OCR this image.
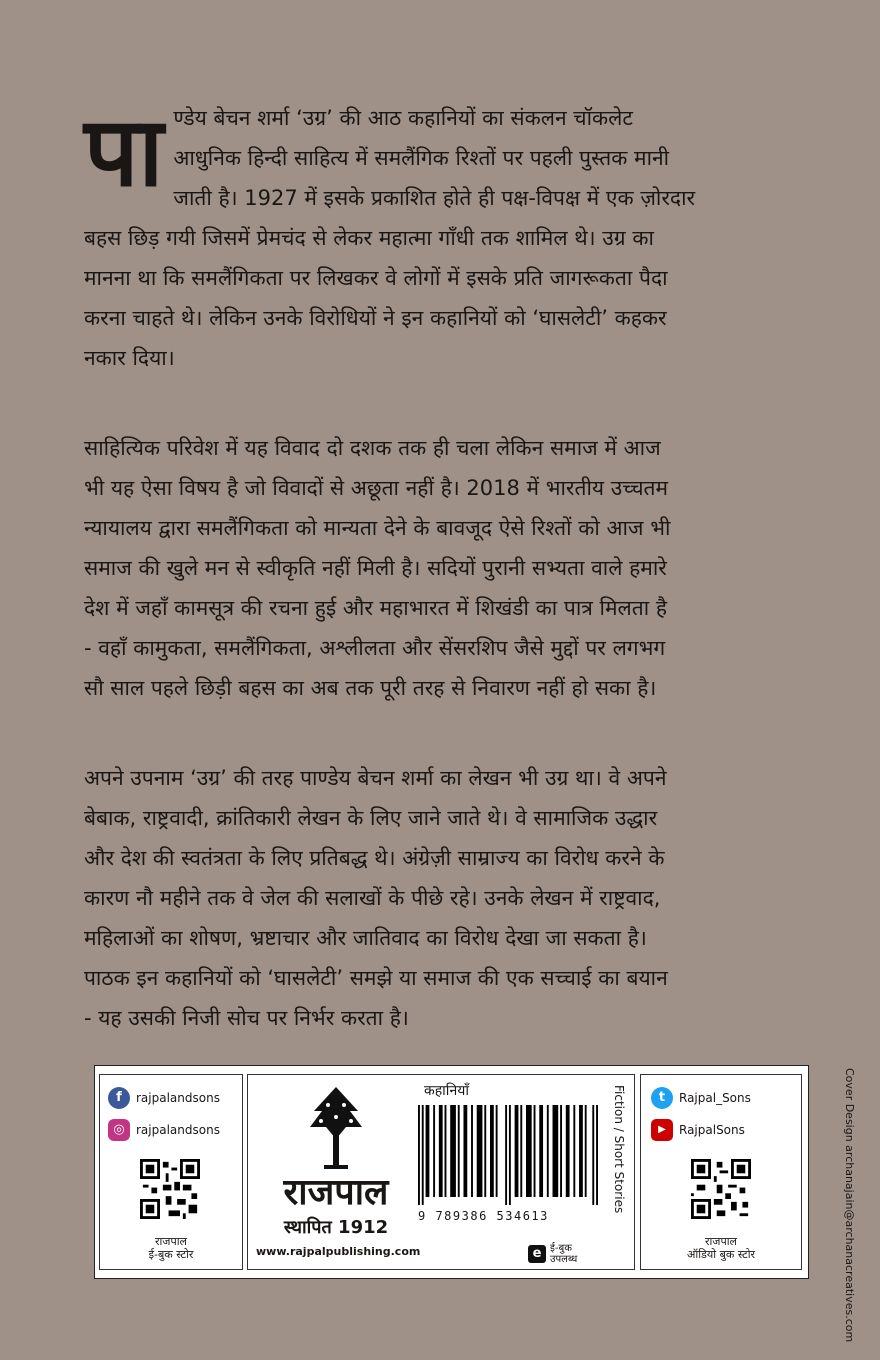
पा ण्डेय बेचन शर्मा ‘उग्र’ की आठ कहानियों का संकलन चॉकलेट
आधुनिक हिन्दी साहित्य में समलैंगिक रिश्तों पर पहली पुस्तक मानी
जाती है। 1927 में इसके प्रकाशित होते ही पक्ष-विपक्ष में एक ज़ोरदार
बहस छिड़ गयी जिसमें प्रेमचंद से लेकर महात्मा गाँधी तक शामिल थे। उग्र का
मानना था कि समलैंगिकता पर लिखकर वे लोगों में इसके प्रति जागरूकता पैदा
करना चाहते थे। लेकिन उनके विरोधियों ने इन कहानियों को ‘घासलेटी’ कहकर
नकार दिया।
साहित्यिक परिवेश में यह विवाद दो दशक तक ही चला लेकिन समाज में आज
भी यह ऐसा विषय है जो विवादों से अछूता नहीं है। 2018 में भारतीय उच्चतम
न्यायालय द्वारा समलैंगिकता को मान्यता देने के बावजूद ऐसे रिश्तों को आज भी
समाज की खुले मन से स्वीकृति नहीं मिली है। सदियों पुरानी सभ्यता वाले हमारे
देश में जहाँ कामसूत्र की रचना हुई और महाभारत में शिखंडी का पात्र मिलता है
- वहाँ कामुकता, समलैंगिकता, अश्लीलता और सेंसरशिप जैसे मुद्दों पर लगभग
सौ साल पहले छिड़ी बहस का अब तक पूरी तरह से निवारण नहीं हो सका है।
अपने उपनाम ‘उग्र’ की तरह पाण्डेय बेचन शर्मा का लेखन भी उग्र था। वे अपने
बेबाक, राष्ट्रवादी, क्रांतिकारी लेखन के लिए जाने जाते थे। वे सामाजिक उद्धार
और देश की स्वतंत्रता के लिए प्रतिबद्ध थे। अंग्रेज़ी साम्राज्य का विरोध करने के
कारण नौ महीने तक वे जेल की सलाखों के पीछे रहे। उनके लेखन में राष्ट्रवाद,
महिलाओं का शोषण, भ्रष्टाचार और जातिवाद का विरोध देखा जा सकता है।
पाठक इन कहानियों को ‘घासलेटी’ समझे या समाज की एक सच्चाई का बयान
- यह उसकी निजी सोच पर निर्भर करता है।
Cover Design archanajain@archanacreatives.com
f	rajpalandsons
◎ rajpalandsons
राजपाल
ई-बुक स्टोर
राजपाल
स्थापित 1912
www.rajpalpublishing.com
कहानियाँ
9 789386 534613
Fiction / Short Stories
e ई-बुक
उपलब्ध
t	Rajpal_Sons
▶	RajpalSons
राजपाल
ऑडियो बुक स्टोर
